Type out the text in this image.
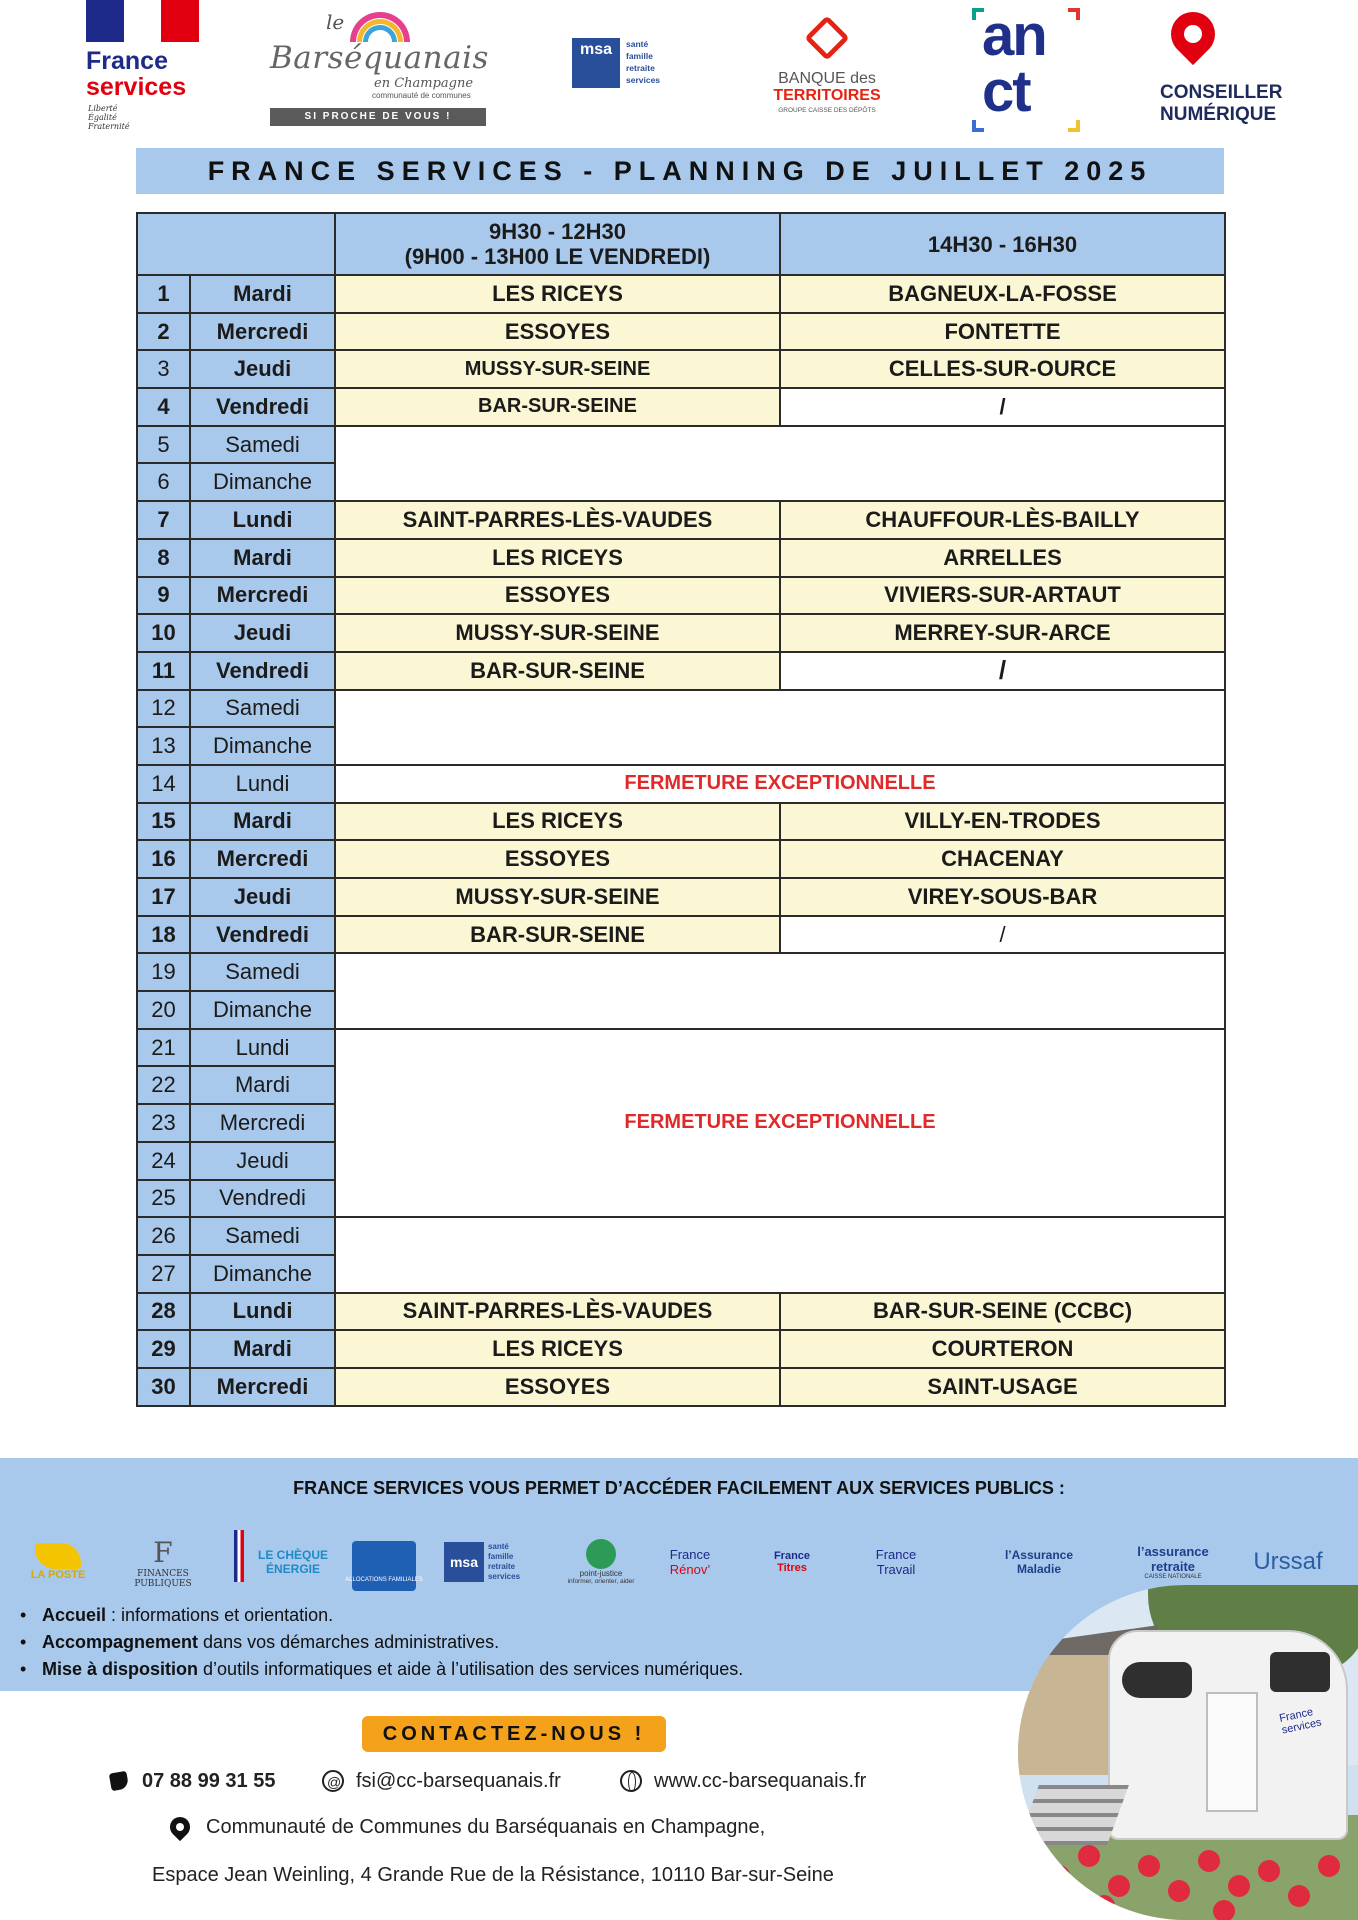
France
services
Liberté
Égalité
Fraternité
le
Barséquanais
en Champagne
communauté de communes
SI PROCHE DE VOUS !
msa	santé
famille
retraite
services	BANQUE des
TERRITOIRES
GROUPE CAISSE DES DÉPÔTS
an
ct	CONSEILLER
NUMÉRIQUE
FRANCE SERVICES - PLANNING DE JUILLET 2025

		9H30 - 12H30
(9H00 - 13H00 LE VENDREDI)	14H30 - 16H30
1	Mardi	LES RICEYS	BAGNEUX-LA-FOSSE
2	Mercredi	ESSOYES	FONTETTE
3	Jeudi	MUSSY-SUR-SEINE	CELLES-SUR-OURCE
4	Vendredi	BAR-SUR-SEINE	/
5	Samedi		
6	Dimanche		
7	Lundi	SAINT-PARRES-LÈS-VAUDES	CHAUFFOUR-LÈS-BAILLY
8	Mardi	LES RICEYS	ARRELLES
9	Mercredi	ESSOYES	VIVIERS-SUR-ARTAUT
10	Jeudi	MUSSY-SUR-SEINE	MERREY-SUR-ARCE
11	Vendredi	BAR-SUR-SEINE	/
12	Samedi		
13	Dimanche		
14	Lundi	FERMETURE EXCEPTIONNELLE	
15	Mardi	LES RICEYS	VILLY-EN-TRODES
16	Mercredi	ESSOYES	CHACENAY
17	Jeudi	MUSSY-SUR-SEINE	VIREY-SOUS-BAR
18	Vendredi	BAR-SUR-SEINE	/
19	Samedi		
20	Dimanche		
21	Lundi	FERMETURE EXCEPTIONNELLE	
22	Mardi		
23	Mercredi		
24	Jeudi		
25	Vendredi		
26	Samedi		
27	Dimanche		
28	Lundi	SAINT-PARRES-LÈS-VAUDES	BAR-SUR-SEINE (CCBC)
29	Mardi	LES RICEYS	COURTERON
30	Mercredi	ESSOYES	SAINT-USAGE
FRANCE SERVICES VOUS PERMET D’ACCÉDER FACILEMENT AUX SERVICES PUBLICS :
LA POSTE
F
FINANCES PUBLIQUES
LE CHÈQUE
ÉNERGIE
ALLOCATIONS FAMILIALES
msa
santé
famille
retraite
services	point-justice
informer, orienter, aider
France
Rénov’
France
Titres
France
Travail
l’Assurance
Maladie
l’assurance
retraite
CAISSE NATIONALE
Urssaf
• Accueil : informations et orientation.
• Accompagnement dans vos démarches administratives.
• Mise à disposition d’outils informatiques et aide à l’utilisation des services numériques.
CONTACTEZ-NOUS !
07 88 99 31 55 @	fsi@cc-barsequanais.fr	www.cc-barsequanais.fr
Communauté de Communes du Barséquanais en Champagne,
Espace Jean Weinling, 4 Grande Rue de la Résistance, 10110 Bar-sur-Seine
France services
